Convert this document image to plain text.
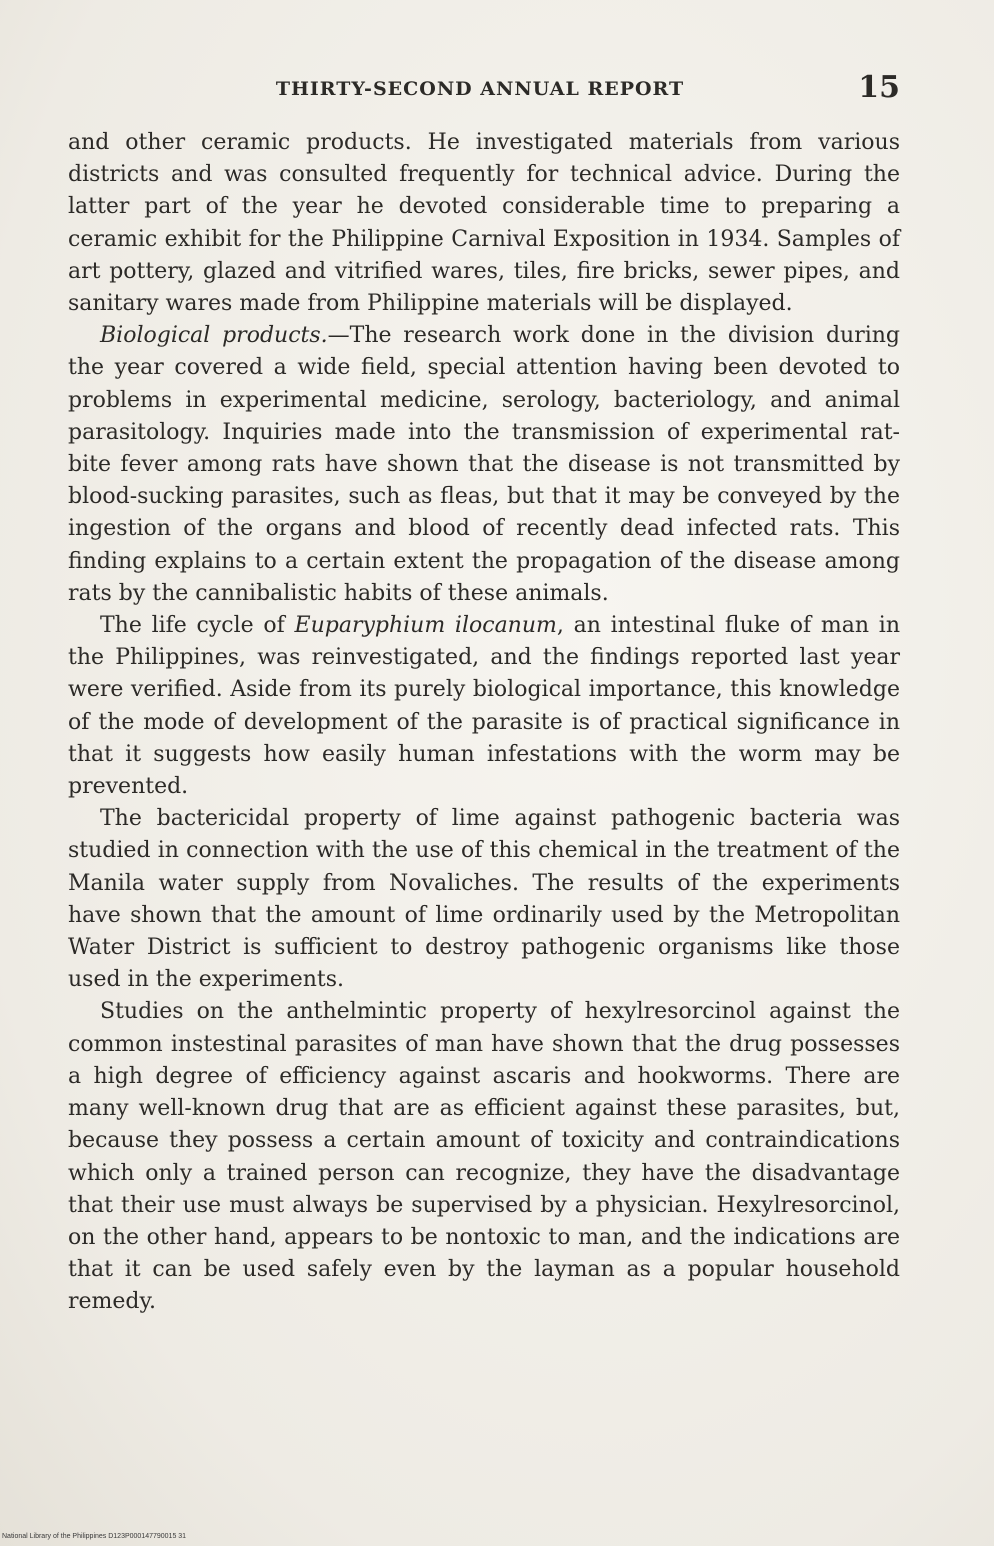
THIRTY-SECOND ANNUAL REPORT	15

and other ceramic products. He investigated materials from various districts and was consulted frequently for technical advice. During the latter part of the year he devoted considerable time to preparing a ceramic exhibit for the Philippine Carnival Exposition in 1934. Samples of art pottery, glazed and vitrified wares, tiles, fire bricks, sewer pipes, and sanitary wares made from Philippine materials will be displayed.

Biological products.—The research work done in the division during the year covered a wide field, special attention having been devoted to problems in experimental medicine, serology, bacteriology, and animal parasitology. Inquiries made into the transmission of experimental rat-bite fever among rats have shown that the disease is not transmitted by blood-sucking parasites, such as fleas, but that it may be conveyed by the ingestion of the organs and blood of recently dead infected rats. This finding explains to a certain extent the propagation of the disease among rats by the cannibalistic habits of these animals.

The life cycle of Euparyphium ilocanum, an intestinal fluke of man in the Philippines, was reinvestigated, and the findings reported last year were verified. Aside from its purely biological importance, this knowledge of the mode of development of the parasite is of practical significance in that it suggests how easily human infestations with the worm may be prevented.

The bactericidal property of lime against pathogenic bacteria was studied in connection with the use of this chemical in the treatment of the Manila water supply from Novaliches. The results of the experiments have shown that the amount of lime ordinarily used by the Metropolitan Water District is sufficient to destroy pathogenic organisms like those used in the experiments.

Studies on the anthelmintic property of hexylresorcinol against the common instestinal parasites of man have shown that the drug possesses a high degree of efficiency against ascaris and hookworms. There are many well-known drug that are as efficient against these parasites, but, because they possess a certain amount of toxicity and contraindications which only a trained person can recognize, they have the disadvantage that their use must always be supervised by a physician. Hexylresorcinol, on the other hand, appears to be nontoxic to man, and the indications are that it can be used safely even by the layman as a popular household remedy.

National Library of the Philippines D123P000147790015 31
